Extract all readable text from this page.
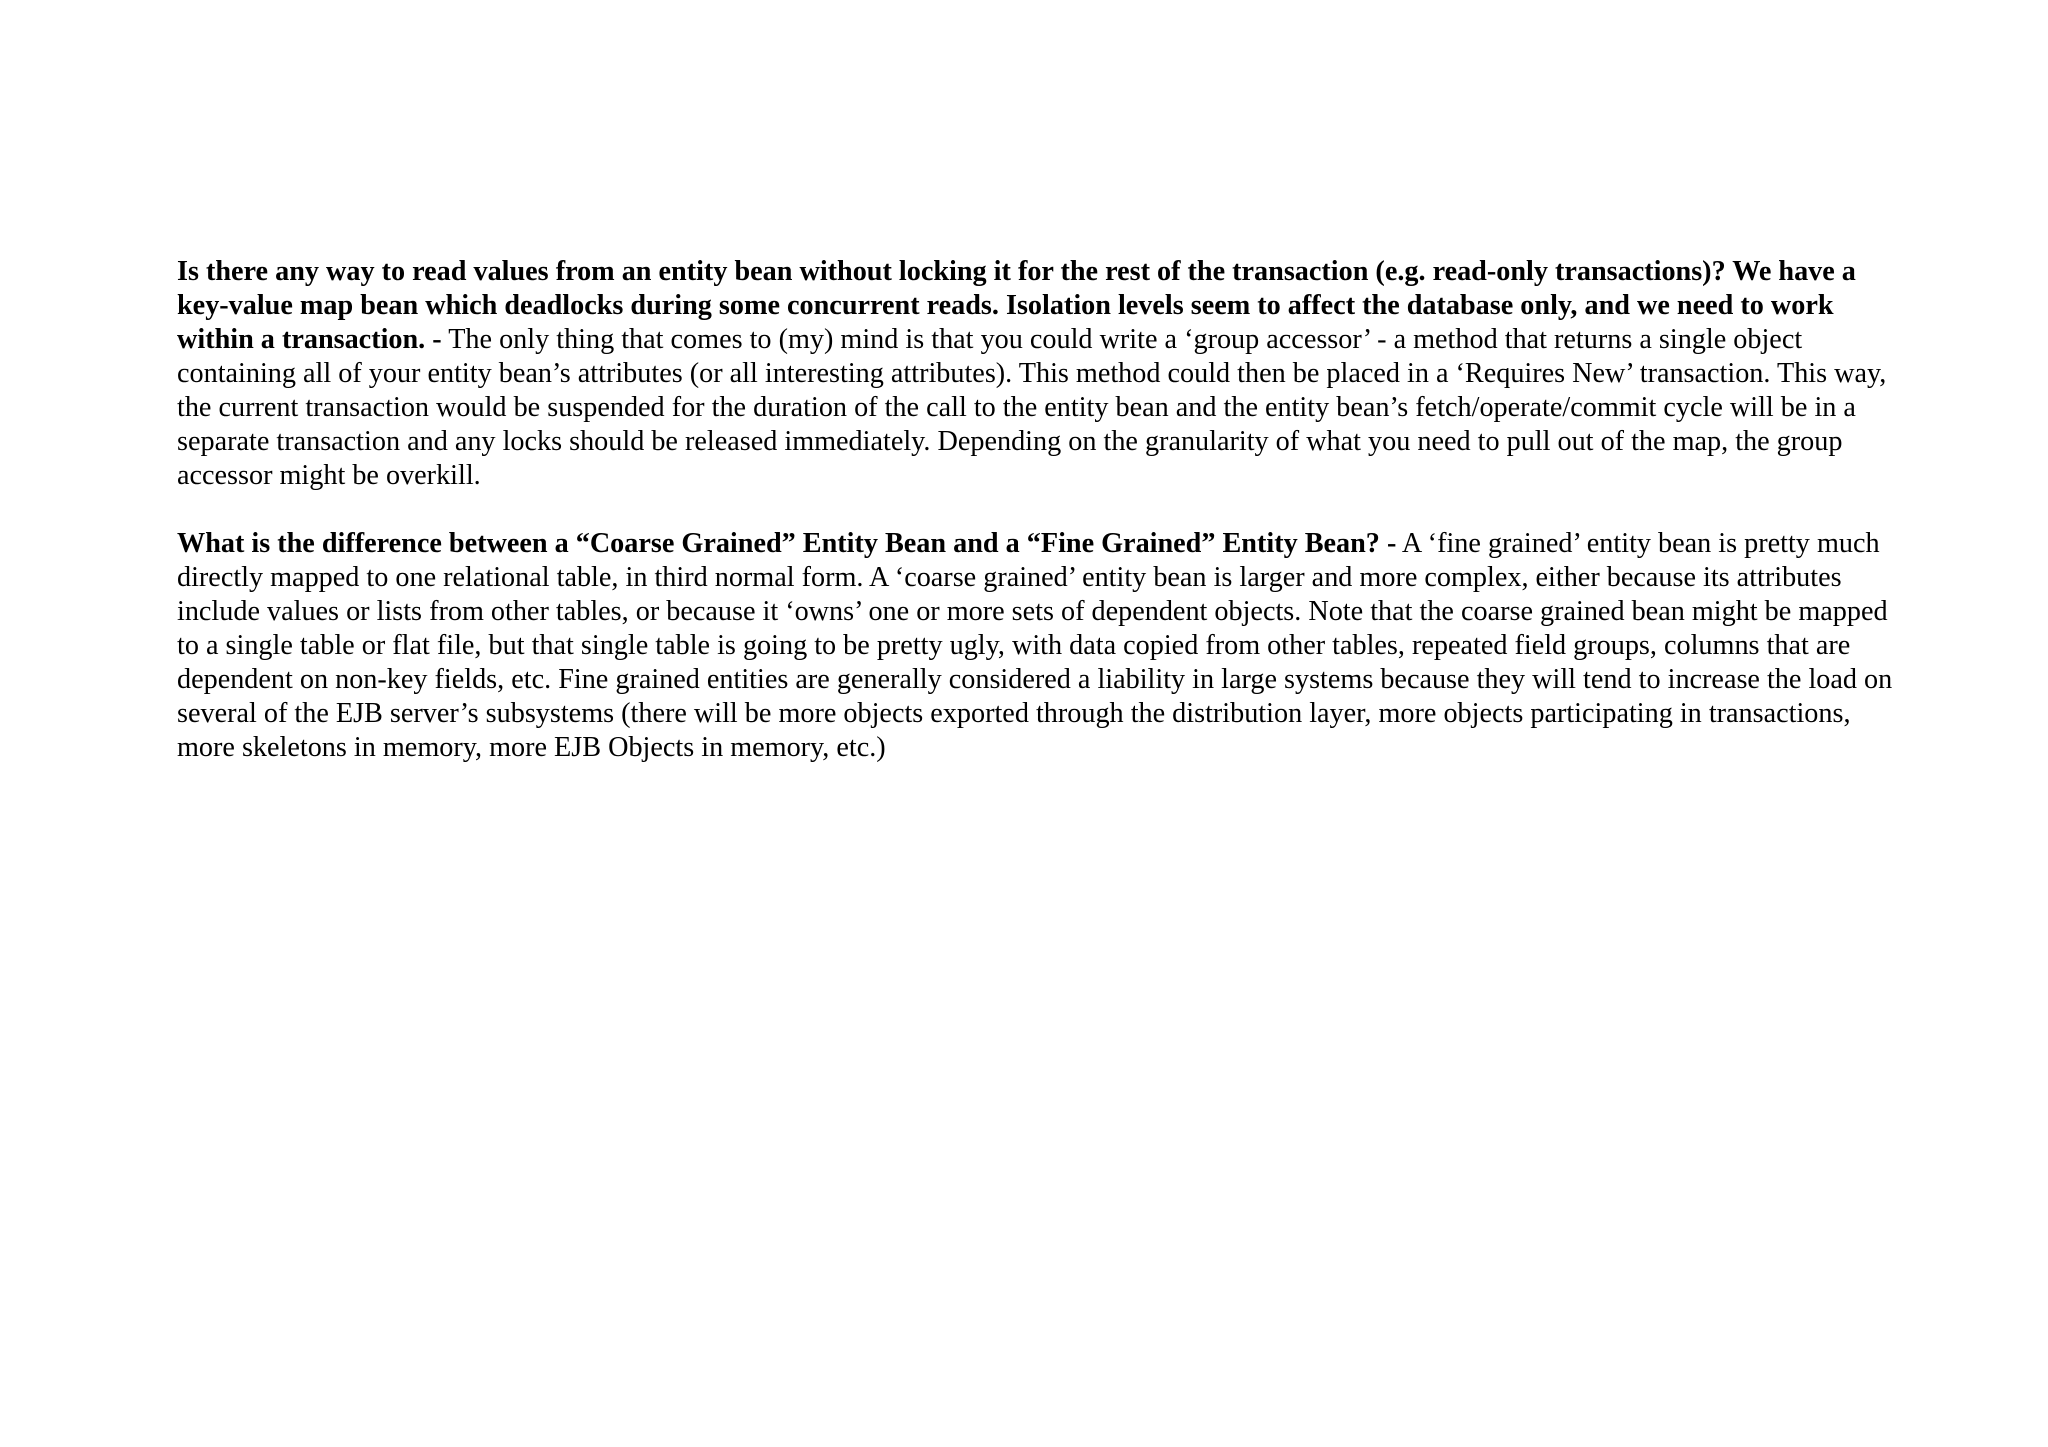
Is there any way to read values from an entity bean without locking it for the rest of the transaction (e.g. read-only transactions)? We have a key-value map bean which deadlocks during some concurrent reads. Isolation levels seem to affect the database only, and we need to work within a transaction. - The only thing that comes to (my) mind is that you could write a ‘group accessor’ - a method that returns a single object containing all of your entity bean’s attributes (or all interesting attributes). This method could then be placed in a ‘Requires New’ transaction. This way, the current transaction would be suspended for the duration of the call to the entity bean and the entity bean’s fetch/operate/commit cycle will be in a separate transaction and any locks should be released immediately. Depending on the granularity of what you need to pull out of the map, the group accessor might be overkill.

What is the difference between a “Coarse Grained” Entity Bean and a “Fine Grained” Entity Bean? - A ‘fine grained’ entity bean is pretty much directly mapped to one relational table, in third normal form. A ‘coarse grained’ entity bean is larger and more complex, either because its attributes include values or lists from other tables, or because it ‘owns’ one or more sets of dependent objects. Note that the coarse grained bean might be mapped to a single table or flat file, but that single table is going to be pretty ugly, with data copied from other tables, repeated field groups, columns that are dependent on non-key fields, etc. Fine grained entities are generally considered a liability in large systems because they will tend to increase the load on several of the EJB server’s subsystems (there will be more objects exported through the distribution layer, more objects participating in transactions, more skeletons in memory, more EJB Objects in memory, etc.)
